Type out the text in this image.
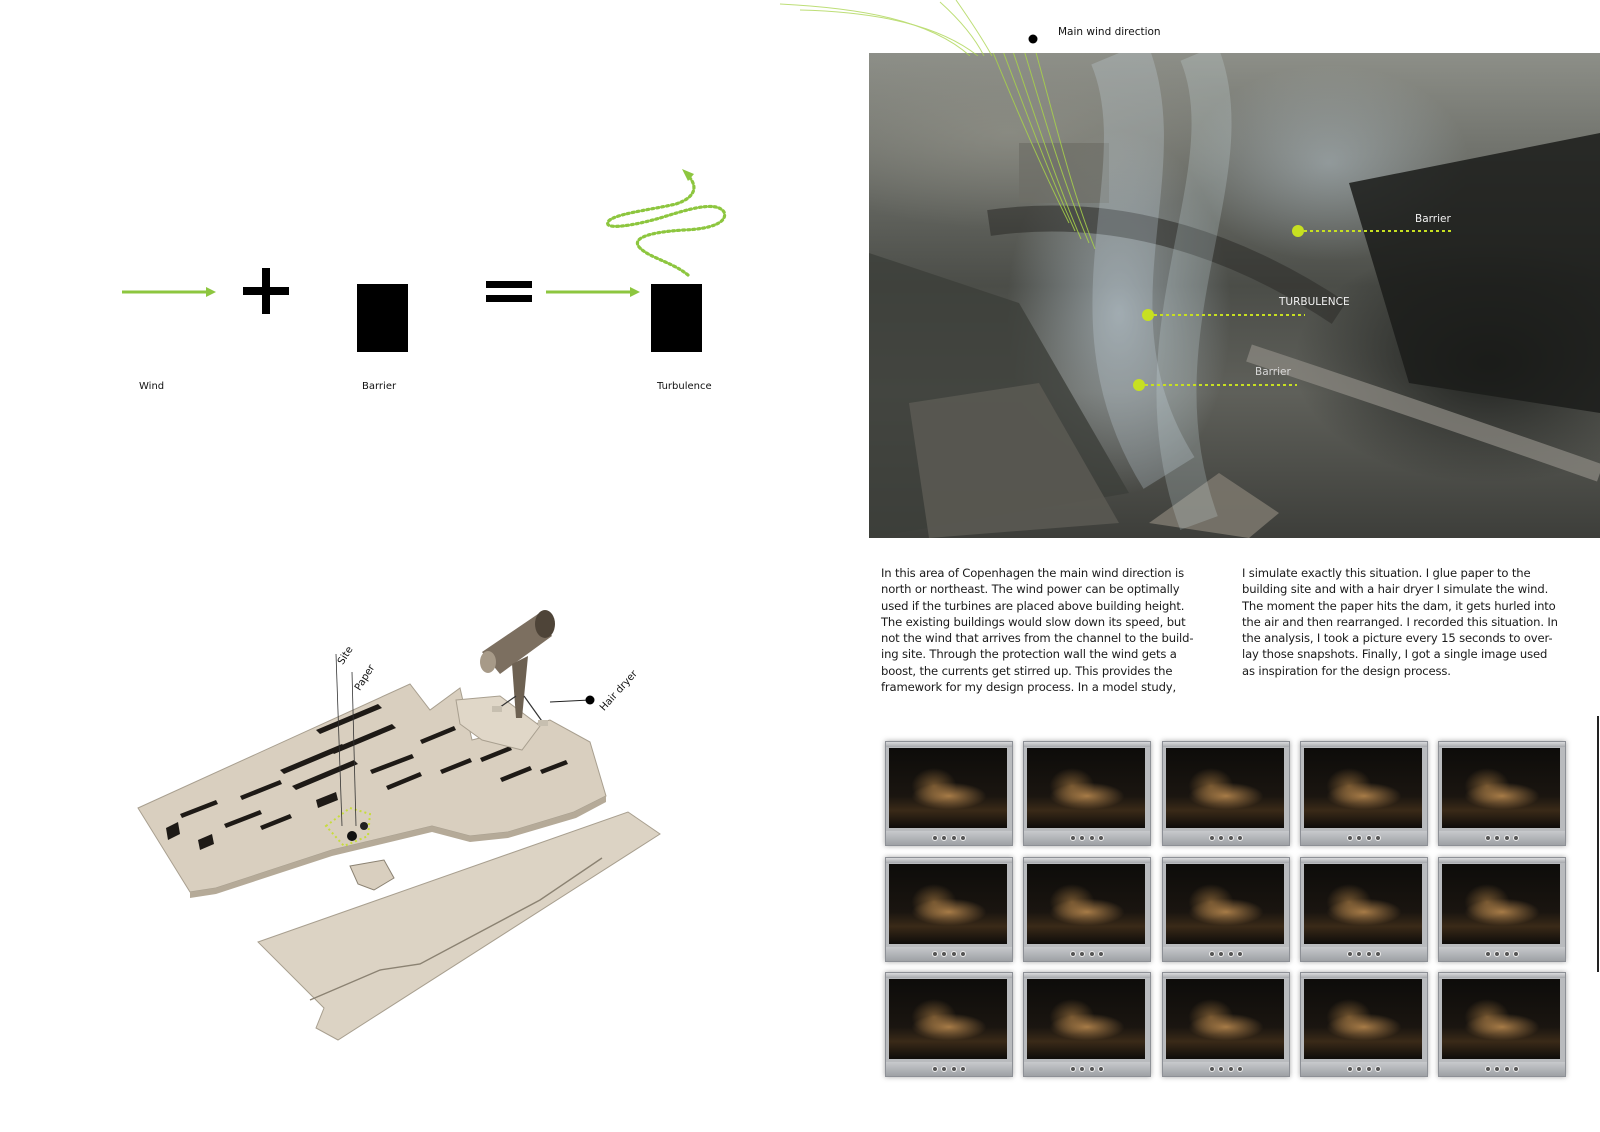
Wind	Barrier	Turbulence
Site
Paper	Hair dryer
Barrier
TURBULENCE
Barrier
Main wind direction
In this area of Copenhagen the main wind direction is
north or northeast. The wind power can be optimally
used if the turbines are placed above building height.
The existing buildings would slow down its speed, but
not the wind that arrives from the channel to the build-
ing site. Through the protection wall the wind gets a
boost, the currents get stirred up. This provides the
framework for my design process. In a model study,
I simulate exactly this situation. I glue paper to the
building site and with a hair dryer I simulate the wind.
The moment the paper hits the dam, it gets hurled into
the air and then rearranged. I recorded this situation. In
the analysis, I took a picture every 15 seconds to over-
lay those snapshots. Finally, I got a single image used
as inspiration for the design process.
